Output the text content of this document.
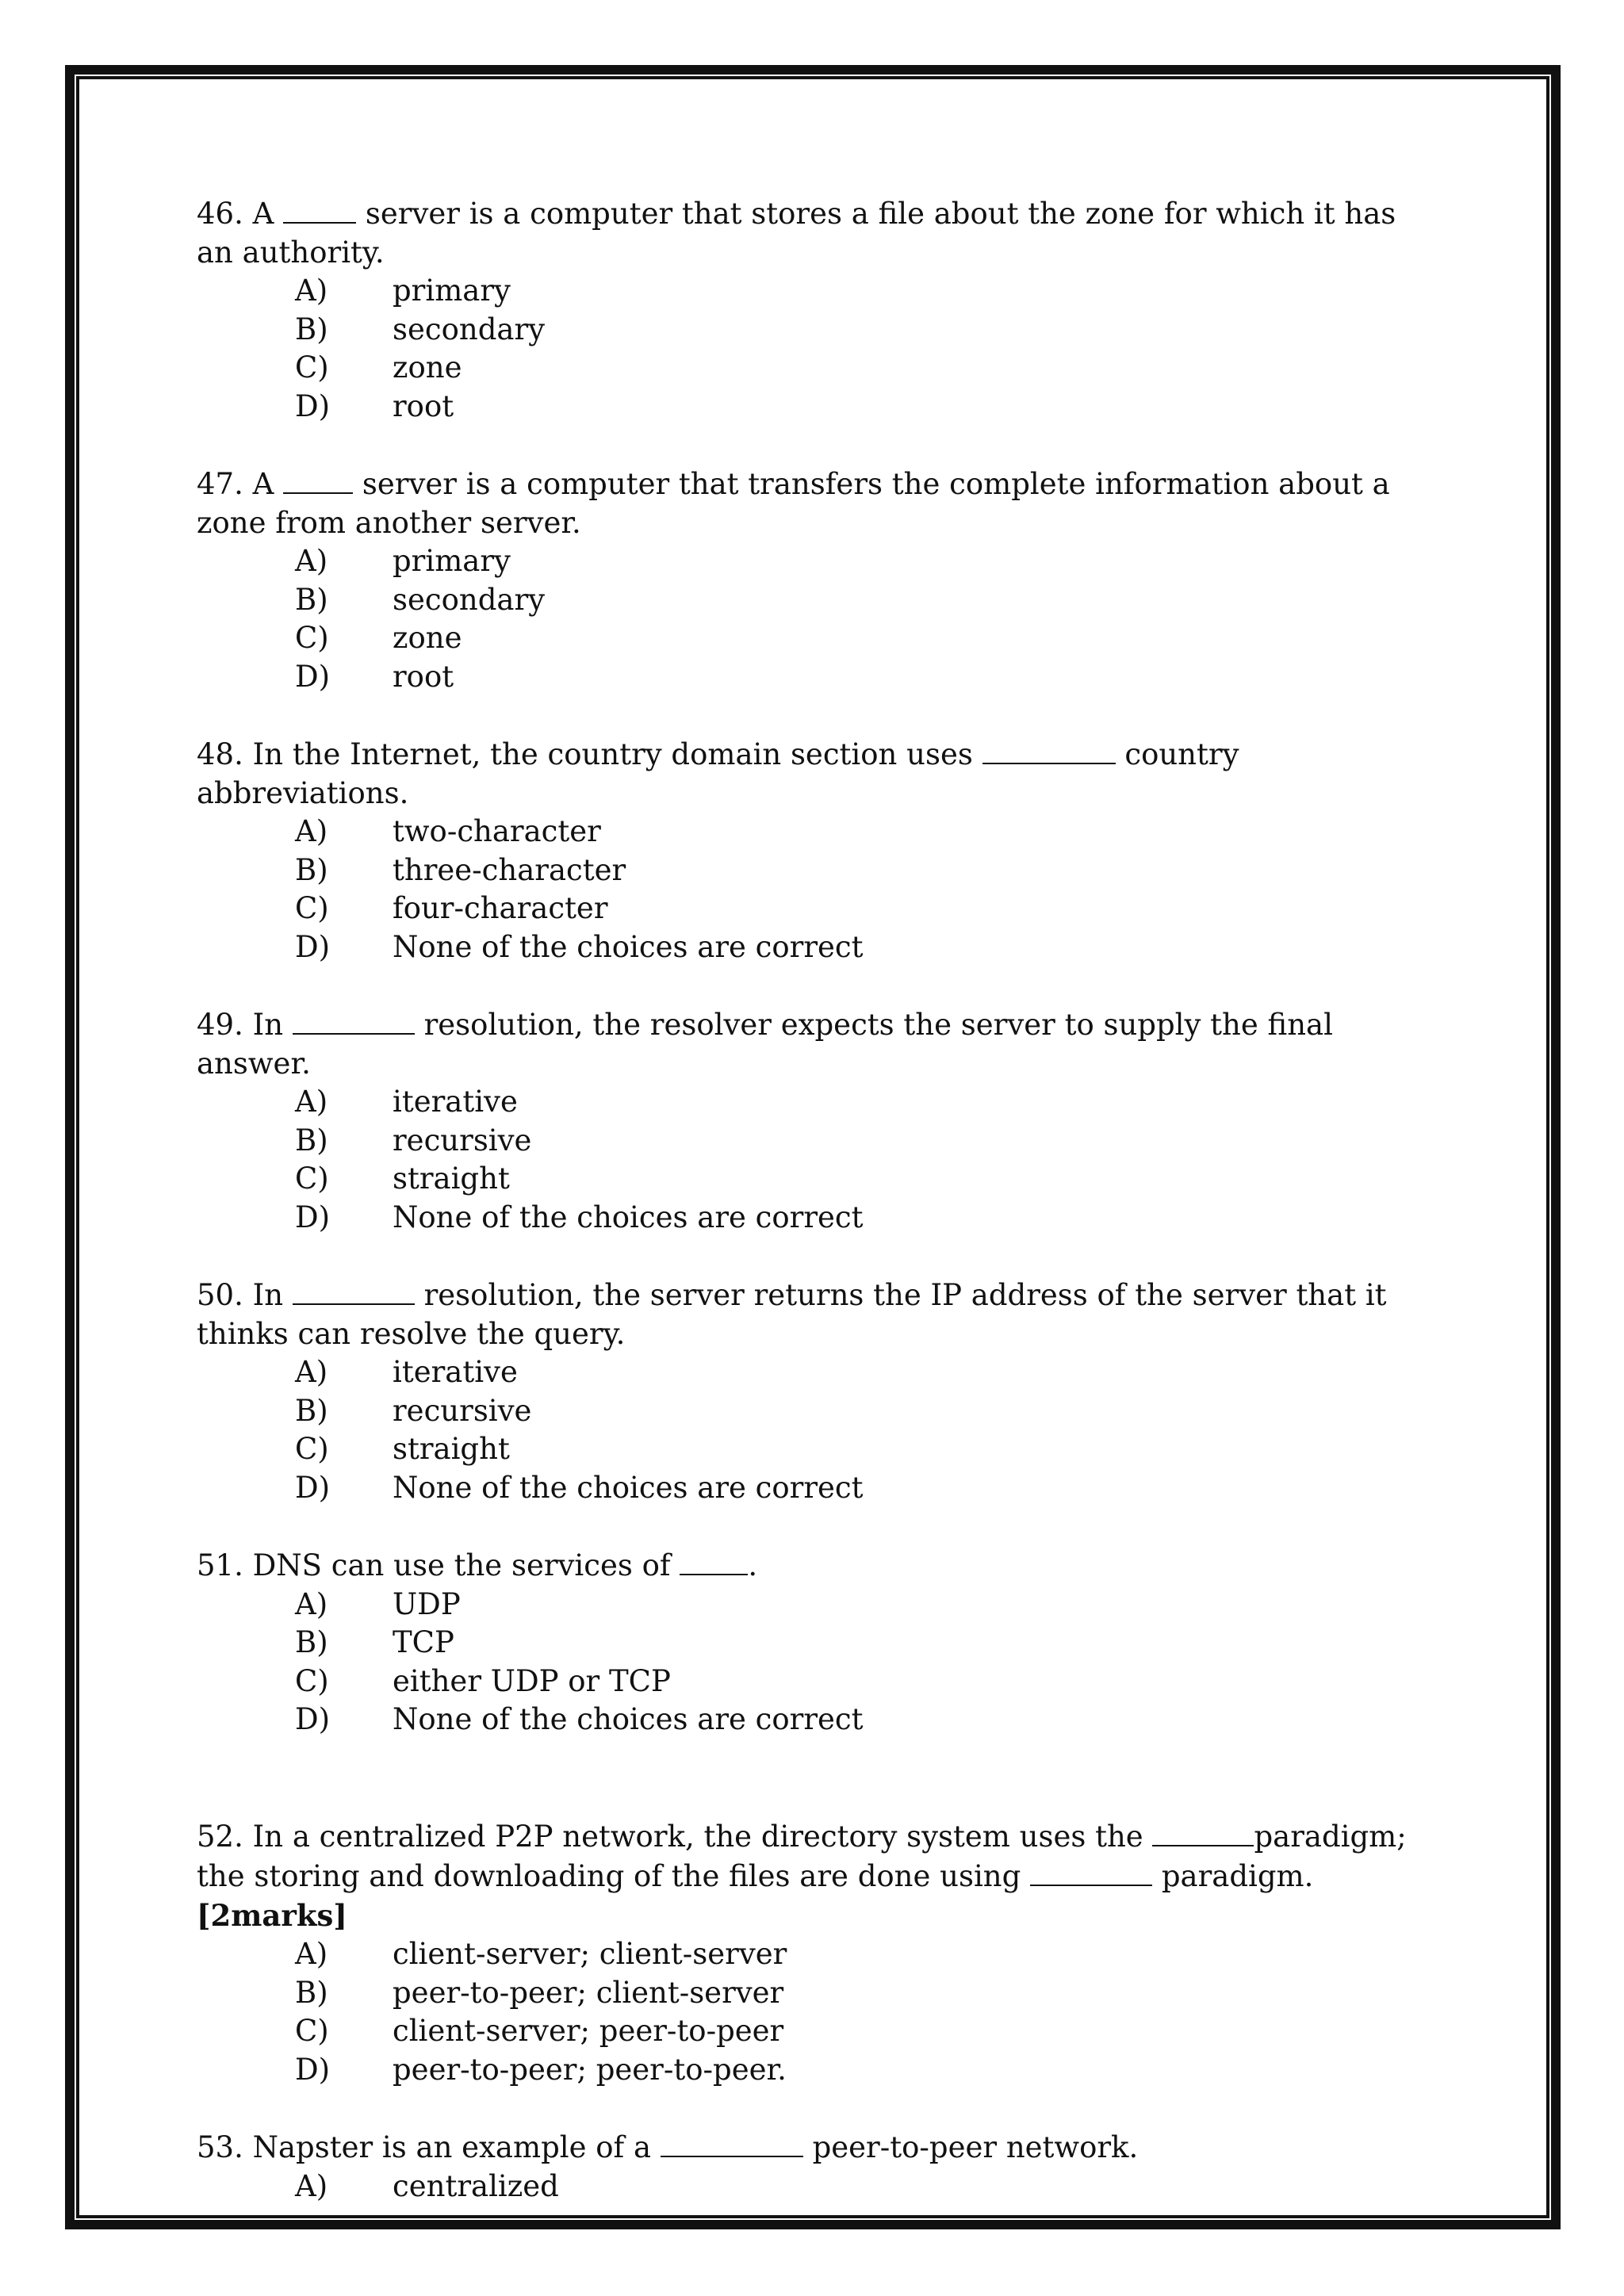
46. A	server is a computer that stores a file about the zone for which it has an authority.

A)	primary
B)	secondary
C)	zone
D)	root

47. A	server is a computer that transfers the complete information about a zone from another server.

A)	primary
B)	secondary
C)	zone
D)	root

48. In the Internet, the country domain section uses	country abbreviations.

A)	two-character
B)	three-character
C)	four-character
D)	None of the choices are correct

49. In	resolution, the resolver expects the server to supply the final answer.

A)	iterative
B)	recursive
C)	straight
D)	None of the choices are correct

50. In	resolution, the server returns the IP address of the server that it thinks can resolve the query.

A)	iterative
B)	recursive
C)	straight
D)	None of the choices are correct

51. DNS can use the services of	.

A)	UDP
B)	TCP
C)	either UDP or TCP
D)	None of the choices are correct

52. In a centralized P2P network, the directory system uses the	paradigm; the storing and downloading of the files are done using	paradigm. [2marks]

A)	client-server; client-server
B)	peer-to-peer; client-server
C)	client-server; peer-to-peer
D)	peer-to-peer; peer-to-peer.

53. Napster is an example of a	peer-to-peer network.

A)	centralized
